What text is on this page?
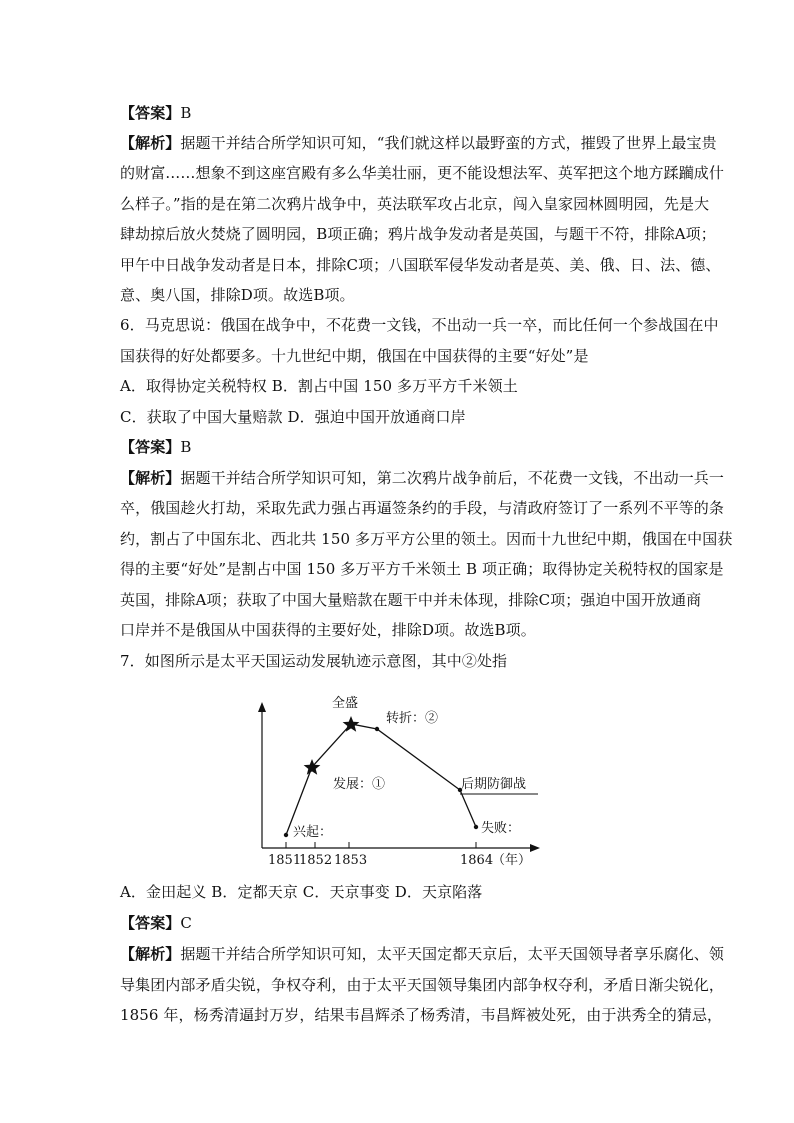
【答案】B
【解析】据题干并结合所学知识可知，“我们就这样以最野蛮的方式，摧毁了世界上最宝贵
的财富……想象不到这座宫殿有多么华美壮丽，更不能设想法军、英军把这个地方蹂躏成什
么样子。”指的是在第二次鸦片战争中，英法联军攻占北京，闯入皇家园林圆明园，先是大
肆劫掠后放火焚烧了圆明园，B项正确；鸦片战争发动者是英国，与题干不符，排除A项；
甲午中日战争发动者是日本，排除C项；八国联军侵华发动者是英、美、俄、日、法、德、
意、奥八国，排除D项。故选B项。
6．马克思说：俄国在战争中，不花费一文钱，不出动一兵一卒，而比任何一个参战国在中
国获得的好处都要多。十九世纪中期，俄国在中国获得的主要“好处”是
A．取得协定关税特权 B．割占中国 150 多万平方千米领土
C．获取了中国大量赔款 D．强迫中国开放通商口岸
【答案】B
【解析】据题干并结合所学知识可知，第二次鸦片战争前后，不花费一文钱，不出动一兵一
卒，俄国趁火打劫，采取先武力强占再逼签条约的手段，与清政府签订了一系列不平等的条
约，割占了中国东北、西北共 150 多万平方公里的领土。因而十九世纪中期，俄国在中国获
得的主要“好处”是割占中国 150 多万平方千米领土 B 项正确；取得协定关税特权的国家是
英国，排除A项；获取了中国大量赔款在题干中并未体现，排除C项；强迫中国开放通商
口岸并不是俄国从中国获得的主要好处，排除D项。故选B项。
7．如图所示是太平天国运动发展轨迹示意图，其中②处指
全盛
转折：②
发展：①	后期防御战
兴起：	失败：
1851
1852 1853	1864
（年）
A．金田起义 B．定都天京 C．天京事变 D．天京陷落
【答案】C
【解析】据题干并结合所学知识可知，太平天国定都天京后，太平天国领导者享乐腐化、领
导集团内部矛盾尖锐，争权夺利，由于太平天国领导集团内部争权夺利，矛盾日渐尖锐化，
1856 年，杨秀清逼封万岁，结果韦昌辉杀了杨秀清，韦昌辉被处死，由于洪秀全的猜忌，
